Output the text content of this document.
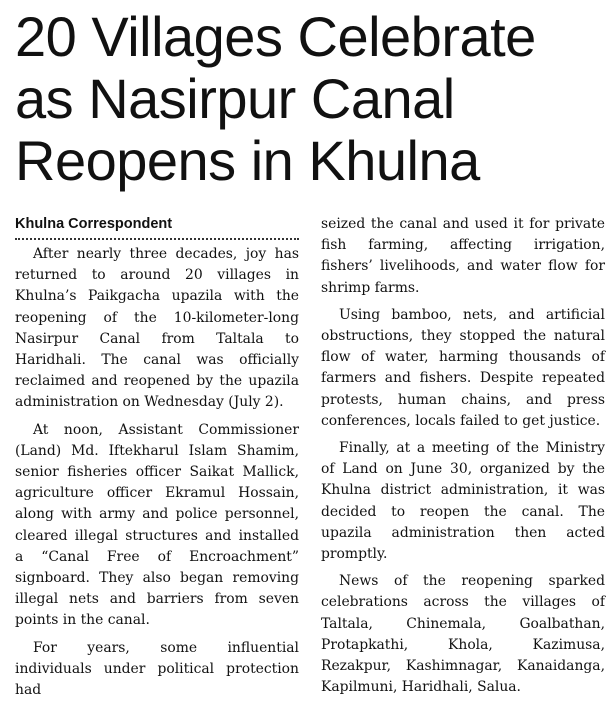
20 Villages Celebrate
as Nasirpur Canal
Reopens in Khulna
Khulna Correspondent

After nearly three decades, joy has returned to around 20 villages in Khulna’s Paikgacha upazila with the reopening of the 10-kilometer-long Nasirpur Canal from Taltala to Haridhali. The canal was officially reclaimed and reopened by the upazila administration on Wednesday (July 2).

At noon, Assistant Commissioner (Land) Md. Iftekharul Islam Shamim, senior fisheries officer Saikat Mallick, agriculture officer Ekramul Hossain, along with army and police personnel, cleared illegal structures and installed a “Canal Free of Encroachment” signboard. They also began removing illegal nets and barriers from seven points in the canal.

For years, some influential individuals under political protection had

seized the canal and used it for private fish farming, affecting irrigation, fishers’ livelihoods, and water flow for shrimp farms.

Using bamboo, nets, and artificial obstructions, they stopped the natural flow of water, harming thousands of farmers and fishers. Despite repeated protests, human chains, and press conferences, locals failed to get justice.

Finally, at a meeting of the Ministry of Land on June 30, organized by the Khulna district administration, it was decided to reopen the canal. The upazila administration then acted promptly.

News of the reopening sparked celebrations across the villages of Taltala, Chinemala, Goalbathan, Protapkathi, Khola, Kazimusa, Rezakpur, Kashimnagar, Kanaidanga, Kapilmuni, Haridhali, Salua.
